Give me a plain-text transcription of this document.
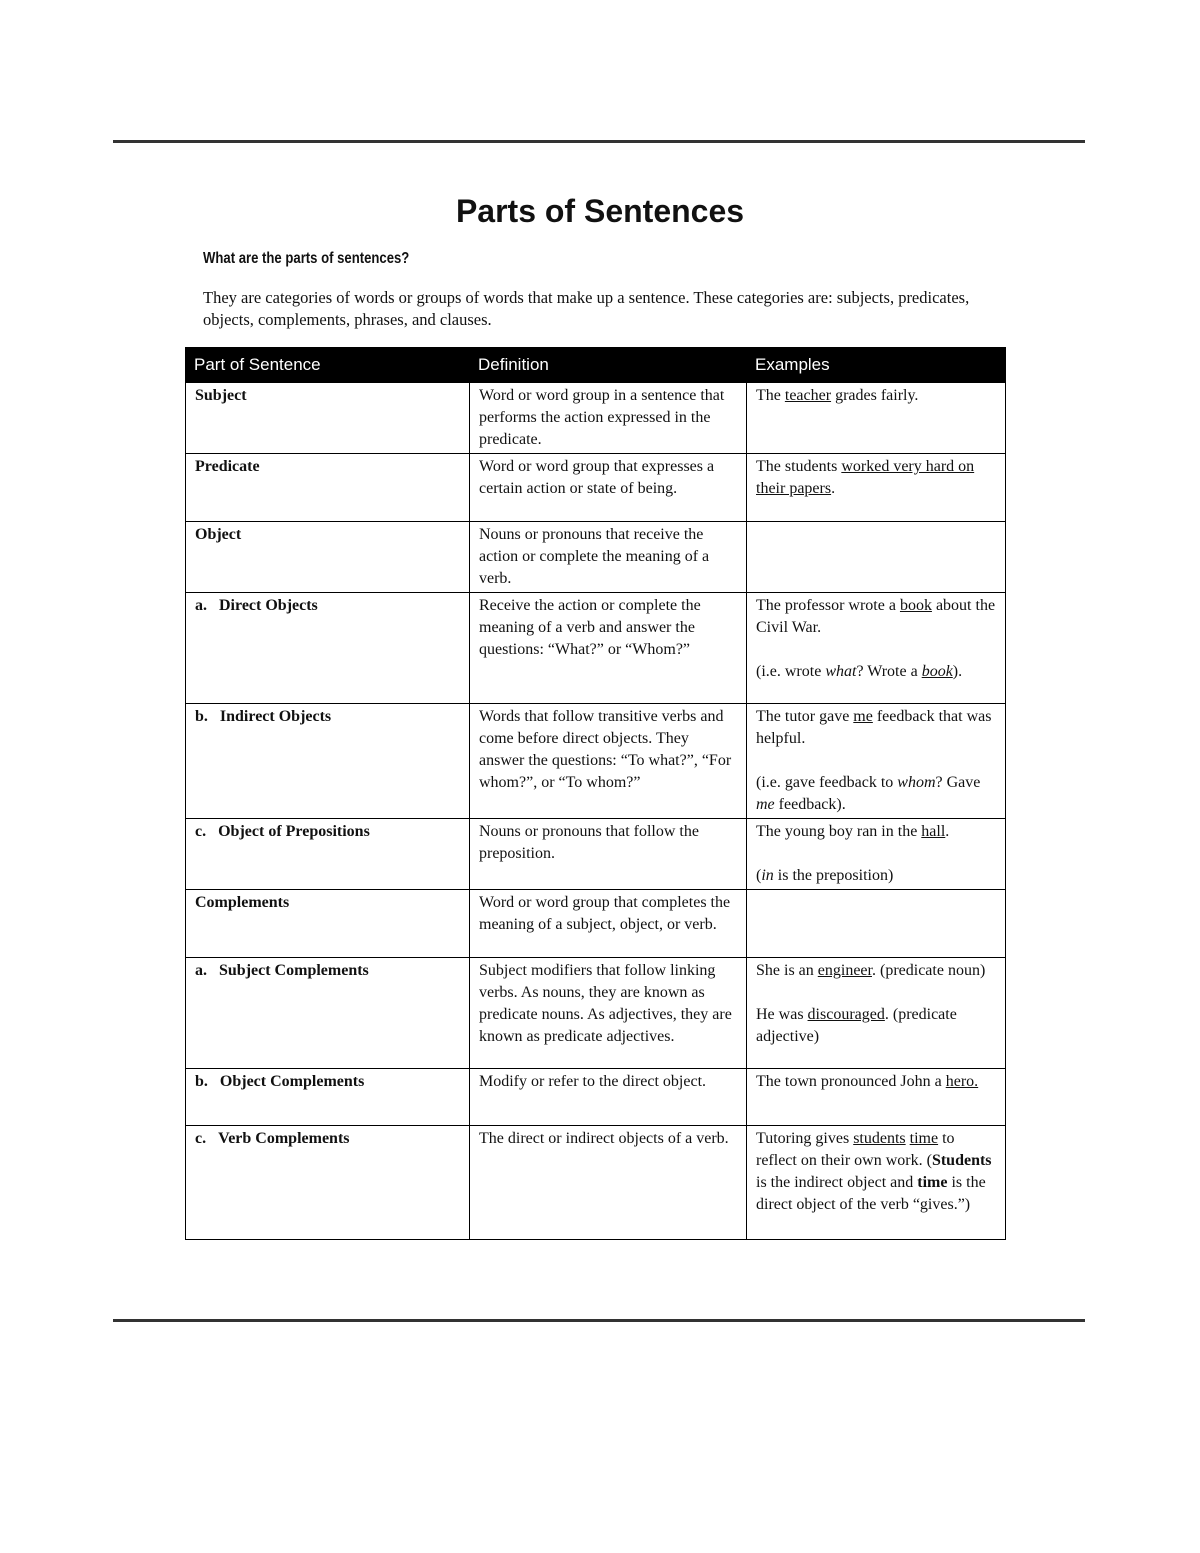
Parts of Sentences
What are the parts of sentences?
They are categories of words or groups of words that make up a sentence. These categories are: subjects, predicates, objects, complements, phrases, and clauses.
Part of Sentence	Definition	Examples
Subject	Word or word group in a sentence that performs the action expressed in the predicate.	The teacher grades fairly.
Predicate	Word or word group that expresses a certain action or state of being.	The students worked very hard on their papers.
Object	Nouns or pronouns that receive the action or complete the meaning of a verb.	
a. Direct Objects	Receive the action or complete the meaning of a verb and answer the questions: “What?” or “Whom?”	The professor wrote a book about the Civil War.
(i.e. wrote what? Wrote a book).

b. Indirect Objects	Words that follow transitive verbs and come before direct objects. They answer the questions: “To what?”, “For whom?”, or “To whom?”	The tutor gave me feedback that was helpful.
(i.e. gave feedback to whom? Gave me feedback).

c. Object of Prepositions	Nouns or pronouns that follow the preposition.	The young boy ran in the hall.
(in is the preposition)

Complements	Word or word group that completes the meaning of a subject, object, or verb.	
a. Subject Complements	Subject modifiers that follow linking verbs. As nouns, they are known as predicate nouns. As adjectives, they are known as predicate adjectives.	She is an engineer. (predicate noun)
He was discouraged. (predicate adjective)

b. Object Complements	Modify or refer to the direct object.	The town pronounced John a hero.
c. Verb Complements	The direct or indirect objects of a verb.	Tutoring gives students time to reflect on their own work. (Students is the indirect object and time is the direct object of the verb “gives.”)
